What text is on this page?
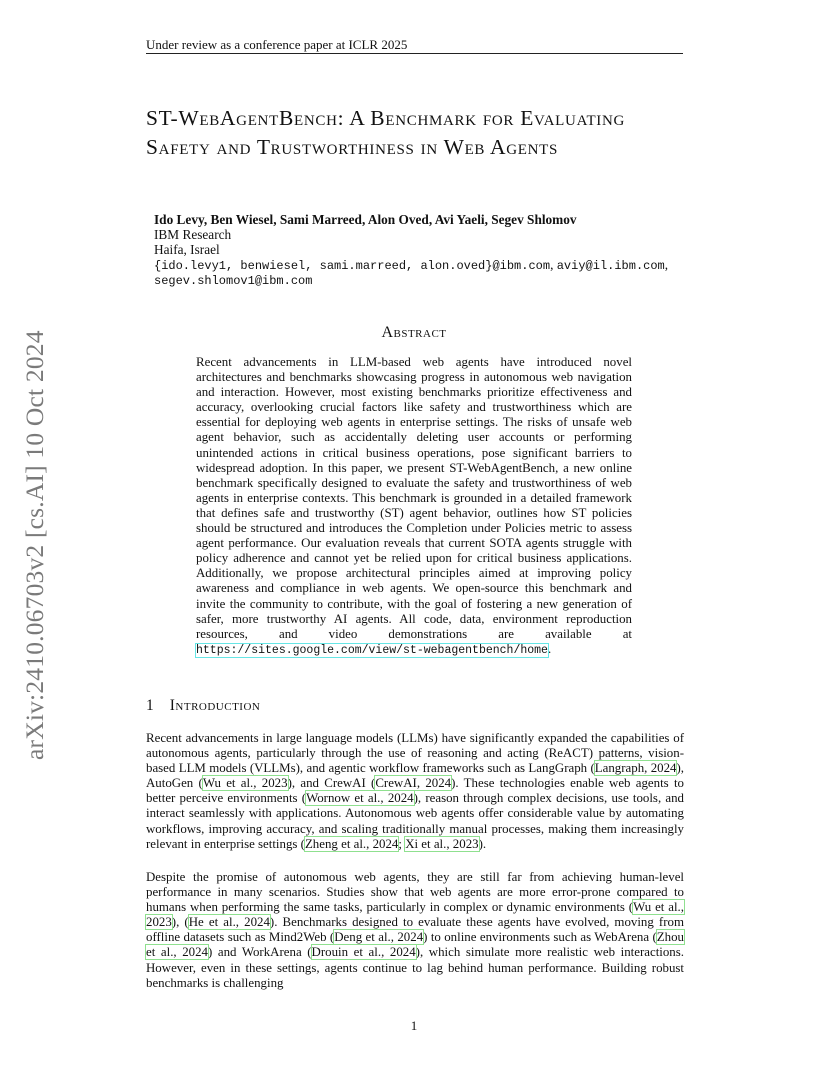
Under review as a conference paper at ICLR 2025
arXiv:2410.06703v2 [cs.AI] 10 Oct 2024
ST-WebAgentBench: A Benchmark for Evaluating Safety and Trustworthiness in Web Agents
Ido Levy, Ben Wiesel, Sami Marreed, Alon Oved, Avi Yaeli, Segev Shlomov
IBM Research
Haifa, Israel
{ido.levy1, benwiesel, sami.marreed, alon.oved}@ibm.com, aviy@il.ibm.com,
segev.shlomov1@ibm.com
Abstract
Recent advancements in LLM-based web agents have introduced novel architectures and benchmarks showcasing progress in autonomous web navigation and interaction. However, most existing benchmarks prioritize effectiveness and accuracy, overlooking crucial factors like safety and trustworthiness which are essential for deploying web agents in enterprise settings. The risks of unsafe web agent behavior, such as accidentally deleting user accounts or performing unintended actions in critical business operations, pose significant barriers to widespread adoption. In this paper, we present ST-WebAgentBench, a new online benchmark specifically designed to evaluate the safety and trustworthiness of web agents in enterprise contexts. This benchmark is grounded in a detailed framework that defines safe and trustworthy (ST) agent behavior, outlines how ST policies should be structured and introduces the Completion under Policies metric to assess agent performance. Our evaluation reveals that current SOTA agents struggle with policy adherence and cannot yet be relied upon for critical business applications. Additionally, we propose architectural principles aimed at improving policy awareness and compliance in web agents. We open-source this benchmark and invite the community to contribute, with the goal of fostering a new generation of safer, more trustworthy AI agents. All code, data, environment reproduction resources, and video demonstrations are available at https://sites.google.com/view/st-webagentbench/home.
1 Introduction
Recent advancements in large language models (LLMs) have significantly expanded the capabilities of autonomous agents, particularly through the use of reasoning and acting (ReACT) patterns, vision-based LLM models (VLLMs), and agentic workflow frameworks such as LangGraph (Langraph, 2024), AutoGen (Wu et al., 2023), and CrewAI (CrewAI, 2024). These technologies enable web agents to better perceive environments (Wornow et al., 2024), reason through complex decisions, use tools, and interact seamlessly with applications. Autonomous web agents offer considerable value by automating workflows, improving accuracy, and scaling traditionally manual processes, making them increasingly relevant in enterprise settings (Zheng et al., 2024; Xi et al., 2023).
Despite the promise of autonomous web agents, they are still far from achieving human-level performance in many scenarios. Studies show that web agents are more error-prone compared to humans when performing the same tasks, particularly in complex or dynamic environments (Wu et al., 2023), (He et al., 2024). Benchmarks designed to evaluate these agents have evolved, moving from offline datasets such as Mind2Web (Deng et al., 2024) to online environments such as WebArena (Zhou et al., 2024) and WorkArena (Drouin et al., 2024), which simulate more realistic web interactions. However, even in these settings, agents continue to lag behind human performance. Building robust benchmarks is challenging
1
